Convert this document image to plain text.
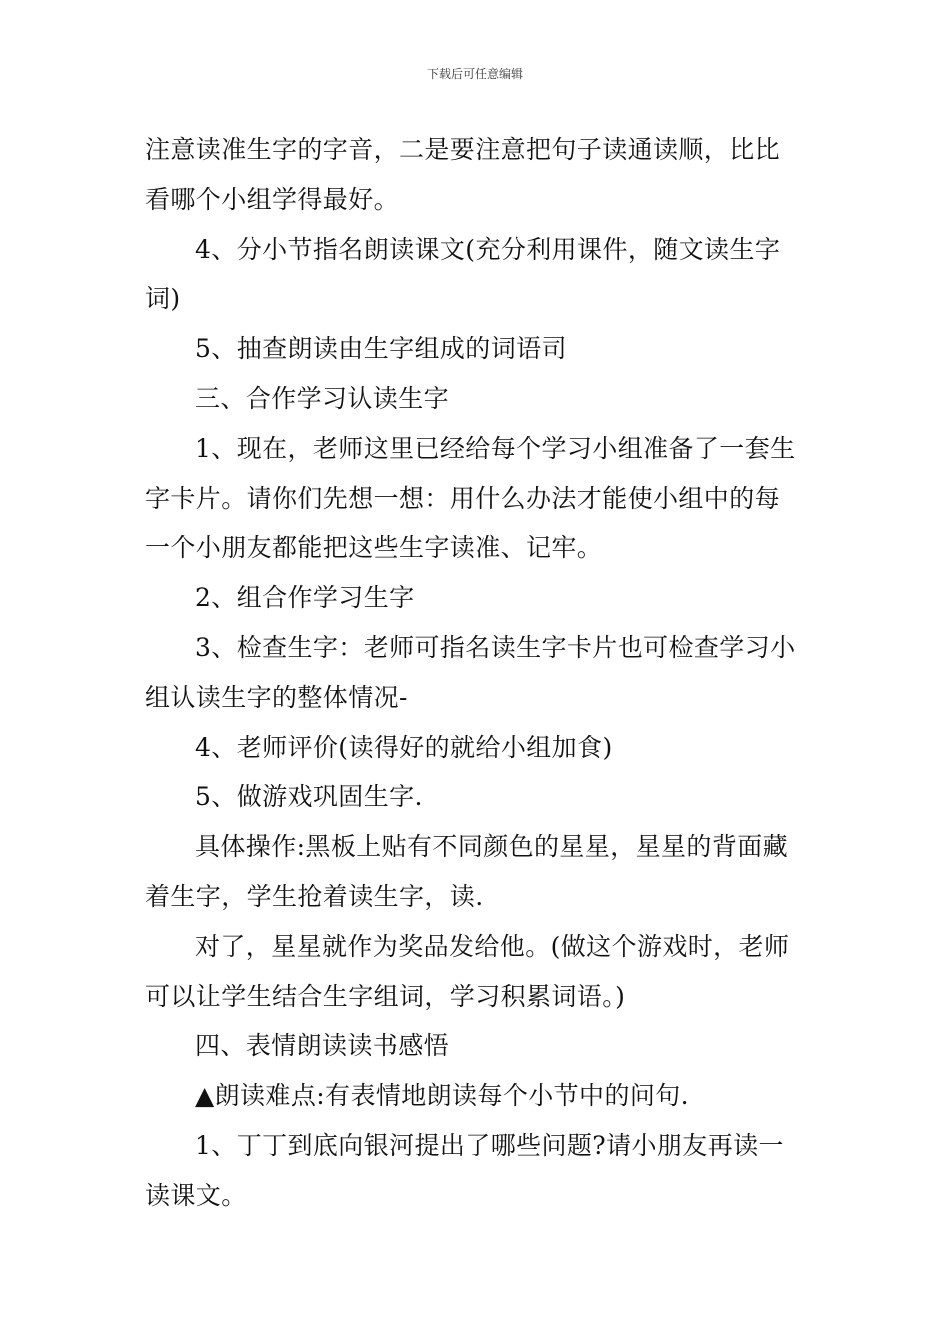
下载后可任意编辑
注意读准生字的字音，二是要注意把句子读通读顺，比比
看哪个小组学得最好。
4、分小节指名朗读课文(充分利用课件，随文读生字
词)
5、抽查朗读由生字组成的词语司
三、合作学习认读生字
1、现在，老师这里已经给每个学习小组准备了一套生
字卡片。请你们先想一想：用什么办法才能使小组中的每
一个小朋友都能把这些生字读准、记牢。
2、组合作学习生字
3、检查生字：老师可指名读生字卡片也可检查学习小
组认读生字的整体情况-
4、老师评价(读得好的就给小组加食)
5、做游戏巩固生字.
具体操作:黑板上贴有不同颜色的星星，星星的背面藏
着生字，学生抢着读生字，读.
对了，星星就作为奖品发给他。(做这个游戏时，老师
可以让学生结合生字组词，学习积累词语。)
四、表情朗读读书感悟
▲朗读难点:有表情地朗读每个小节中的问句.
1、丁丁到底向银河提出了哪些问题?请小朋友再读一
读课文。
